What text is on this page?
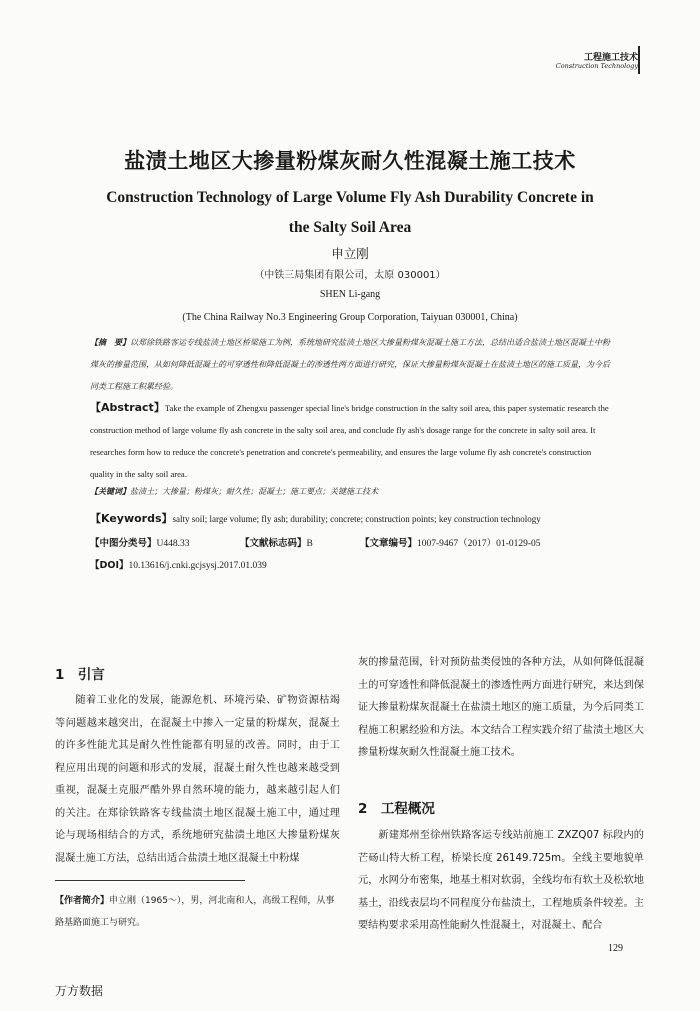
工程施工技术
Construction Technology
盐渍土地区大掺量粉煤灰耐久性混凝土施工技术
Construction Technology of Large Volume Fly Ash Durability Concrete in the Salty Soil Area
申立刚
（中铁三局集团有限公司，太原 030001）
SHEN Li-gang
(The China Railway No.3 Engineering Group Corporation, Taiyuan 030001, China)
【摘　要】以郑徐铁路客运专线盐渍土地区桥梁施工为例，系统地研究盐渍土地区大掺量粉煤灰混凝土施工方法，总结出适合盐渍土地区混凝土中粉煤灰的掺量范围，从如何降低混凝土的可穿透性和降低混凝土的渗透性两方面进行研究，保证大掺量粉煤灰混凝土在盐渍土地区的施工质量，为今后同类工程施工积累经验。
【Abstract】Take the example of Zhengxu passenger special line's bridge construction in the salty soil area, this paper systematic research the construction method of large volume fly ash concrete in the salty soil area, and conclude fly ash's dosage range for the concrete in salty soil area. It researches form how to reduce the concrete's penetration and concrete's permeability, and ensures the large volume fly ash concrete's construction quality in the salty soil area.
【关键词】盐渍土；大掺量；粉煤灰；耐久性；混凝土；施工要点；关键施工技术
【Keywords】salty soil; large volume; fly ash; durability; concrete; construction points; key construction technology
【中图分类号】U448.33	【文献标志码】B	【文章编号】1007-9467（2017）01-0129-05
【DOI】10.13616/j.cnki.gcjsysj.2017.01.039
1　引言

随着工业化的发展，能源危机、环境污染、矿物资源枯竭等问题越来越突出，在混凝土中掺入一定量的粉煤灰，混凝土的许多性能尤其是耐久性性能都有明显的改善。同时，由于工程应用出现的问题和形式的发展，混凝土耐久性也越来越受到重视，混凝土克服严酷外界自然环境的能力，越来越引起人们的关注。在郑徐铁路客专线盐渍土地区混凝土施工中，通过理论与现场相结合的方式，系统地研究盐渍土地区大掺量粉煤灰混凝土施工方法，总结出适合盐渍土地区混凝土中粉煤

灰的掺量范围，针对预防盐类侵蚀的各种方法，从如何降低混凝土的可穿透性和降低混凝土的渗透性两方面进行研究，来达到保证大掺量粉煤灰混凝土在盐渍土地区的施工质量，为今后同类工程施工积累经验和方法。本文结合工程实践介绍了盐渍土地区大掺量粉煤灰耐久性混凝土施工技术。

2　工程概况

新建郑州至徐州铁路客运专线站前施工 ZXZQ07 标段内的芒砀山特大桥工程，桥梁长度 26149.725m。全线主要地貌单元，水网分布密集，地基土相对软弱，全线均布有软土及松软地基土，沿线表层均不同程度分布盐渍土，工程地质条件较差。主要结构要求采用高性能耐久性混凝土，对混凝土、配合

【作者简介】申立刚（1965～），男，河北南和人，高级工程师，从事路基路面施工与研究。
129
万方数据
